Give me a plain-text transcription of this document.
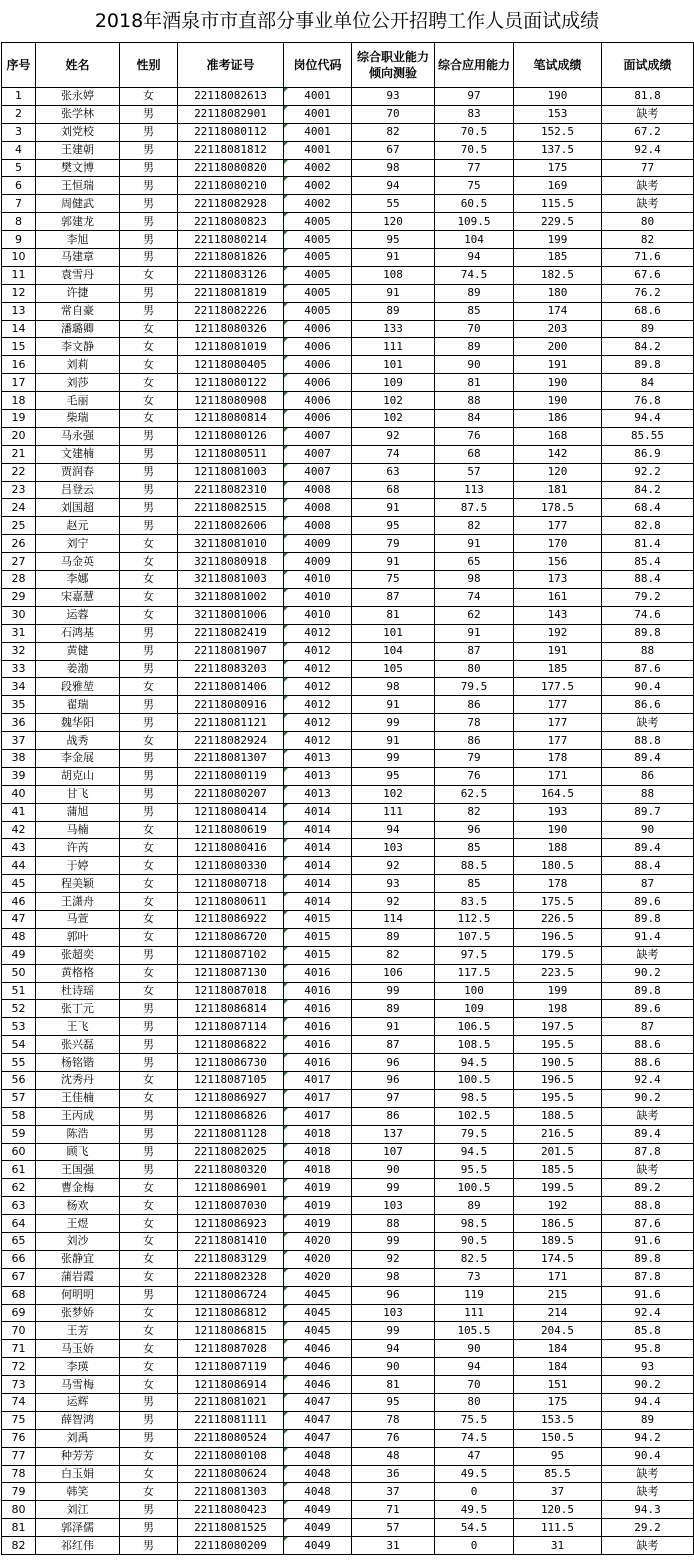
2018年酒泉市市直部分事业单位公开招聘工作人员面试成绩
序号	姓名	性别	准考证号	岗位代码	综合职业能力倾向测验	综合应用能力	笔试成绩	面试成绩
1	张永婷	女	22118082613	4001	93	97	190	81.8
2	张学林	男	22118082901	4001	70	83	153	缺考
3	刘党校	男	22118080112	4001	82	70.5	152.5	67.2
4	王建朝	男	22118081812	4001	67	70.5	137.5	92.4
5	樊文博	男	22118080820	4002	98	77	175	77
6	王恒瑞	男	22118080210	4002	94	75	169	缺考
7	周健武	男	22118082928	4002	55	60.5	115.5	缺考
8	郭建龙	男	22118080823	4005	120	109.5	229.5	80
9	李旭	男	22118080214	4005	95	104	199	82
10	马建章	男	22118081826	4005	91	94	185	71.6
11	袁雪丹	女	22118083126	4005	108	74.5	182.5	67.6
12	许捷	男	22118081819	4005	91	89	180	76.2
13	常自豪	男	22118082226	4005	89	85	174	68.6
14	潘璐卿	女	12118080326	4006	133	70	203	89
15	李文静	女	12118081019	4006	111	89	200	84.2
16	刘莉	女	12118080405	4006	101	90	191	89.8
17	刘莎	女	12118080122	4006	109	81	190	84
18	毛丽	女	12118080908	4006	102	88	190	76.8
19	柴瑞	女	12118080814	4006	102	84	186	94.4
20	马永强	男	12118080126	4007	92	76	168	85.55
21	文建楠	男	12118080511	4007	74	68	142	86.9
22	贾润春	男	12118081003	4007	63	57	120	92.2
23	吕登云	男	22118082310	4008	68	113	181	84.2
24	刘国超	男	22118082515	4008	91	87.5	178.5	68.4
25	赵元	男	22118082606	4008	95	82	177	82.8
26	刘宁	女	32118081010	4009	79	91	170	81.4
27	马金英	女	32118080918	4009	91	65	156	85.4
28	李娜	女	32118081003	4010	75	98	173	88.4
29	宋嘉慧	女	32118081002	4010	87	74	161	79.2
30	运蓉	女	32118081006	4010	81	62	143	74.6
31	石鸿基	男	22118082419	4012	101	91	192	89.8
32	黄健	男	22118081907	4012	104	87	191	88
33	姜渤	男	22118083203	4012	105	80	185	87.6
34	段雅堃	女	22118081406	4012	98	79.5	177.5	90.4
35	翟瑞	男	22118080916	4012	91	86	177	86.6
36	魏华阳	男	22118081121	4012	99	78	177	缺考
37	战秀	女	22118082924	4012	91	86	177	88.8
38	李金展	男	22118081307	4013	99	79	178	89.4
39	胡克山	男	22118080119	4013	95	76	171	86
40	甘飞	男	22118080207	4013	102	62.5	164.5	88
41	蒲旭	男	12118080414	4014	111	82	193	89.7
42	马楠	女	12118080619	4014	94	96	190	90
43	许芮	女	12118080416	4014	103	85	188	89.4
44	于婷	女	12118080330	4014	92	88.5	180.5	88.4
45	程美颖	女	12118080718	4014	93	85	178	87
46	王潇舟	女	12118080611	4014	92	83.5	175.5	89.6
47	马萱	女	12118086922	4015	114	112.5	226.5	89.8
48	郭叶	女	12118086720	4015	89	107.5	196.5	91.4
49	张超奕	男	12118087102	4015	82	97.5	179.5	缺考
50	黄格格	女	12118087130	4016	106	117.5	223.5	90.2
51	杜诗瑶	女	12118087018	4016	99	100	199	89.8
52	张丁元	男	12118086814	4016	89	109	198	89.6
53	王飞	男	12118087114	4016	91	106.5	197.5	87
54	张兴磊	男	12118086822	4016	87	108.5	195.5	88.6
55	杨铭锴	男	12118086730	4016	96	94.5	190.5	88.6
56	沈秀丹	女	12118087105	4017	96	100.5	196.5	92.4
57	王佳楠	女	12118086927	4017	97	98.5	195.5	90.2
58	王丙成	男	12118086826	4017	86	102.5	188.5	缺考
59	陈浩	男	22118081128	4018	137	79.5	216.5	89.4
60	顾飞	男	22118082025	4018	107	94.5	201.5	87.8
61	王国强	男	22118080320	4018	90	95.5	185.5	缺考
62	曹金梅	女	12118086901	4019	99	100.5	199.5	89.2
63	杨欢	女	12118087030	4019	103	89	192	88.8
64	王煜	女	12118086923	4019	88	98.5	186.5	87.6
65	刘沙	女	22118081410	4020	99	90.5	189.5	91.6
66	张静宜	女	22118083129	4020	92	82.5	174.5	89.8
67	蒲岩霞	女	22118082328	4020	98	73	171	87.8
68	何明明	男	12118086724	4045	96	119	215	91.6
69	张梦娇	女	12118086812	4045	103	111	214	92.4
70	王芳	女	12118086815	4045	99	105.5	204.5	85.8
71	马玉娇	女	12118087028	4046	94	90	184	95.8
72	李瑛	女	12118087119	4046	90	94	184	93
73	马雪梅	女	12118086914	4046	81	70	151	90.2
74	运辉	男	22118081021	4047	95	80	175	94.4
75	薛智鸿	男	22118081111	4047	78	75.5	153.5	89
76	刘禹	男	22118080524	4047	76	74.5	150.5	94.2
77	种芳芳	女	22118080108	4048	48	47	95	90.4
78	白玉娟	女	22118080624	4048	36	49.5	85.5	缺考
79	韩笑	女	22118081303	4048	37	0	37	缺考
80	刘江	男	22118080423	4049	71	49.5	120.5	94.3
81	郭泽儒	男	22118081525	4049	57	54.5	111.5	29.2
82	祁红伟	男	22118080209	4049	31	0	31	缺考
